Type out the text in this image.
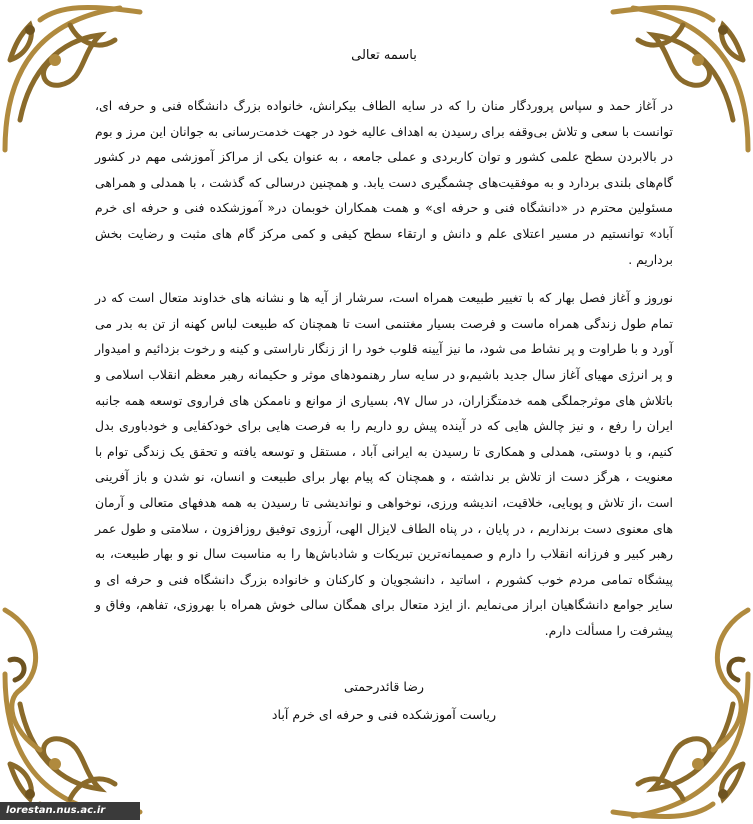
باسمه تعالی

در آغاز حمد و سپاس پروردگار منان را که در سایه الطاف بیکرانش، خانواده بزرگ دانشگاه فنی و حرفه ای، توانست با سعی و تلاش بی‌وقفه برای رسیدن به اهداف عالیه خود در جهت خدمت‌رسانی به جوانان این مرز و بوم در بالابردن سطح علمی کشور و توان کاربردی و عملی جامعه ، به عنوان یکی از مراکز آموزشی مهم در کشور گام‌های بلندی بردارد و به موفقیت‌های چشمگیری دست یابد. و همچنین درسالی که گذشت ، با همدلی و همراهی مسئولین محترم در «دانشگاه فنی و حرفه ای» و همت همکاران خوبمان در« آموزشکده فنی و حرفه ای خرم آباد» توانستیم در مسیر اعتلای علم و دانش و ارتقاء سطح کیفی و کمی مرکز گام های مثبت و رضایت بخش برداریم .

نوروز و آغاز فصل بهار که با تغییر طبیعت همراه است، سرشار از آیه ها و نشانه های خداوند متعال است که در تمام طول زندگی همراه ماست و فرصت بسیار مغتنمی است تا همچنان که طبیعت لباس کهنه از تن به بدر می آورد و با طراوت و پر نشاط می شود، ما نیز آیینه قلوب خود را از زنگار ناراستی و کینه و رخوت بزدائیم و امیدوار و پر انرژی مهیای آغاز سال جدید باشیم،و در سایه سار رهنمودهای موثر و حکیمانه رهبر معظم انقلاب اسلامی و باتلاش های موثرجملگی همه خدمتگزاران، در سال ۹۷، بسیاری از موانع و ناممکن های فراروی توسعه همه جانبه ایران را رفع ، و نیز چالش هایی که در آینده پیش رو داریم را به فرصت هایی برای خودکفایی و خودباوری بدل کنیم، و با دوستی، همدلی و همکاری تا رسیدن به ایرانی آباد ، مستقل و توسعه یافته و تحقق یک زندگی توام با معنویت ، هرگز دست از تلاش بر نداشته ، و همچنان که پیام بهار برای طبیعت و انسان، نو شدن و باز آفرینی است ،از تلاش و پویایی، خلاقیت، اندیشه ورزی، نوخواهی و نواندیشی تا رسیدن به همه هدفهای متعالی و آرمان های معنوی دست برنداریم ، در پایان ، در پناه الطاف لایزال الهی، آرزوی توفیق روزافزون ، سلامتی و طول عمر رهبر کبیر و فرزانه انقلاب را دارم و صمیمانه‌ترین تبریکات و شادباش‌ها را به مناسبت سال نو و بهار طبیعت، به پیشگاه تمامی مردم خوب کشورم ، اساتید ، دانشجویان و کارکنان و خانواده بزرگ دانشگاه فنی و حرفه ای و سایر جوامع دانشگاهیان ابراز می‌نمایم .از ایزد متعال برای همگان سالی خوش همراه با بهروزی، تفاهم، وفاق و پیشرفت را مسألت دارم.

رضا قائدرحمتی
ریاست آموزشکده فنی و حرفه ای خرم آباد
lorestan.nus.ac.ir
